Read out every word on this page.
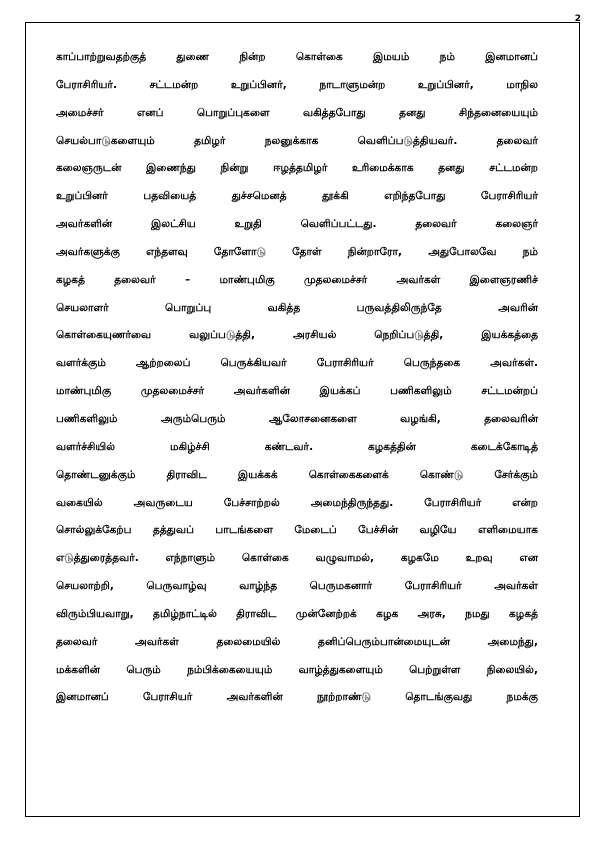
2
காப்பாற்றுவதற்குத் துணை நின்ற கொள்கை இமயம் நம் இனமானப்
பேராசிரியர். சட்டமன்ற உறுப்பினர், நாடாளுமன்ற உறுப்பினர், மாநில
அமைச்சர் எனப் பொறுப்புகளை வகித்தபோது தனது சிந்தனையையும்
செயல்பாடுகளையும் தமிழர் நலனுக்காக வெளிப்படுத்தியவர். தலைவர்
கலைஞருடன் இணைந்து நின்று ஈழத்தமிழர் உரிமைக்காக தனது சட்டமன்ற
உறுப்பினர் பதவியைத் துச்சமெனத் தூக்கி எறிந்தபோது பேராசிரியர்
அவர்களின் இலட்சிய உறுதி வெளிப்பட்டது. தலைவர் கலைஞர்
அவர்களுக்கு எந்தளவு தோளோடு தோள் நின்றாரோ, அதுபோலவே நம்
கழகத் தலைவர் – மாண்புமிகு முதலமைச்சர் அவர்கள் இளைஞரணிச்
செயலாளர் பொறுப்பு வகித்த பருவத்திலிருந்தே அவரின்
கொள்கையுணர்வை வலுப்படுத்தி, அரசியல் நெறிப்படுத்தி, இயக்கத்தை
வளர்க்கும் ஆற்றலைப் பெருக்கியவர் பேராசிரியர் பெருந்தகை அவர்கள்.
மாண்புமிகு முதலமைச்சர் அவர்களின் இயக்கப் பணிகளிலும் சட்டமன்றப்
பணிகளிலும் அரும்பெரும் ஆலோசனைகளை வழங்கி, தலைவரின்
வளர்ச்சியில் மகிழ்ச்சி கண்டவர். கழகத்தின் கடைக்கோடித்
தொண்டனுக்கும் திராவிட இயக்கக் கொள்கைகளைக் கொண்டு சேர்க்கும்
வகையில் அவருடைய பேச்சாற்றல் அமைந்திருந்தது. பேராசிரியர் என்ற
சொல்லுக்கேற்ப தத்துவப் பாடங்களை மேடைப் பேச்சின் வழியே எளிமையாக
எடுத்துரைத்தவர். எந்நாளும் கொள்கை வழுவாமல், கழகமே உறவு என
செயலாற்றி, பெருவாழ்வு வாழ்ந்த பெருமகனார் பேராசிரியர் அவர்கள்
விரும்பியவாறு, தமிழ்நாட்டில் திராவிட முன்னேற்றக் கழக அரசு, நமது கழகத்
தலைவர் அவர்கள் தலைமையில் தனிப்பெரும்பான்மையுடன் அமைந்து,
மக்களின் பெரும் நம்பிக்கையையும் வாழ்த்துகளையும் பெற்றுள்ள நிலையில்,
இனமானப் பேராசியர் அவர்களின் நூற்றாண்டு தொடங்குவது நமக்கு
